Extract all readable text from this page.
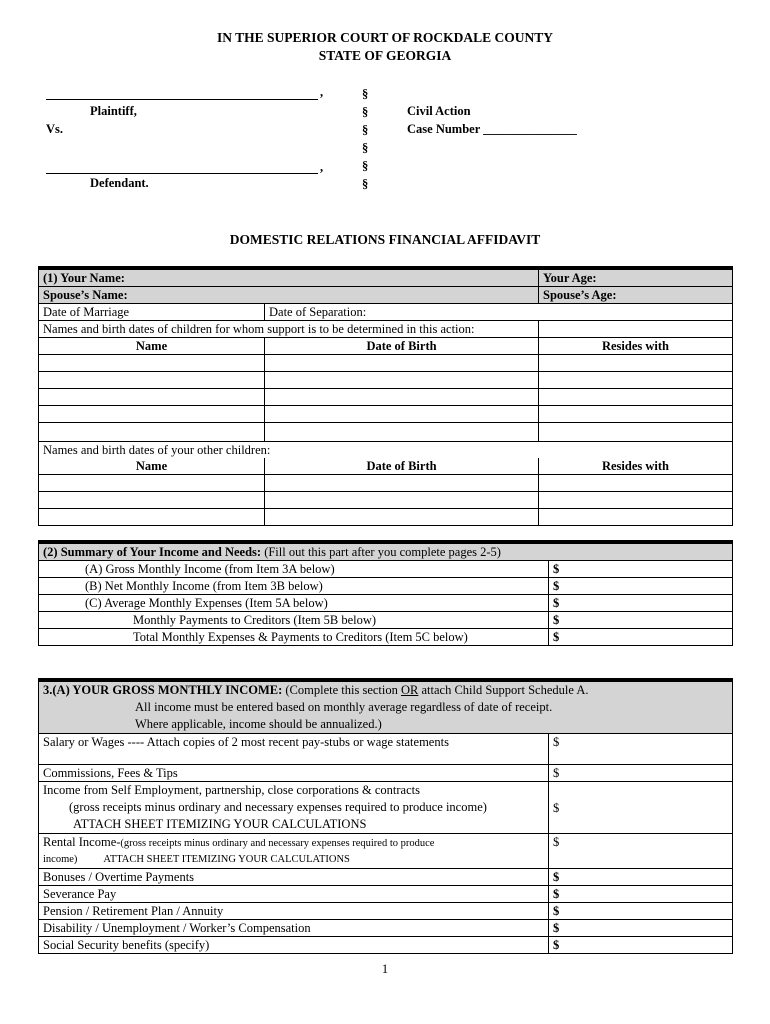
IN THE SUPERIOR COURT OF ROCKDALE COUNTY
STATE OF GEORGIA
,
Plaintiff,
Vs.
,
Defendant.
§
§
§
§
§
§
Civil Action
Case Number _______________
DOMESTIC RELATIONS FINANCIAL AFFIDAVIT
(1) Your Name:		Your Age:
Spouse’s Name:		Spouse’s Age:
Date of Marriage	Date of Separation:	
Names and birth dates of children for whom support is to be determined in this action:		
Name	Date of Birth	Resides with

Names and birth dates of your other children:		
Name	Date of Birth	Resides with

(2) Summary of Your Income and Needs: (Fill out this part after you complete pages 2-5)	
(A) Gross Monthly Income (from Item 3A below)	$
(B) Net Monthly Income (from Item 3B below)	$
(C) Average Monthly Expenses (Item 5A below)	$
Monthly Payments to Creditors (Item 5B below)	$
Total Monthly Expenses & Payments to Creditors (Item 5C below)	$
3.(A) YOUR GROSS MONTHLY INCOME: (Complete this section OR attach Child Support Schedule A.
All income must be entered based on monthly average regardless of date of receipt.
Where applicable, income should be annualized.)	

Salary or Wages ---- Attach copies of 2 most recent pay-stubs or wage statements	$
Commissions, Fees & Tips	$

Income from Self Employment, partnership, close corporations & contracts
(gross receipts minus ordinary and necessary expenses required to produce income)
ATTACH SHEET ITEMIZING YOUR CALCULATIONS	$

Rental Income-(gross receipts minus ordinary and necessary expenses required to produce
income) ATTACH SHEET ITEMIZING YOUR CALCULATIONS	$
Bonuses / Overtime Payments	$
Severance Pay	$
Pension / Retirement Plan / Annuity	$
Disability / Unemployment / Worker’s Compensation	$
Social Security benefits (specify)	$
1
